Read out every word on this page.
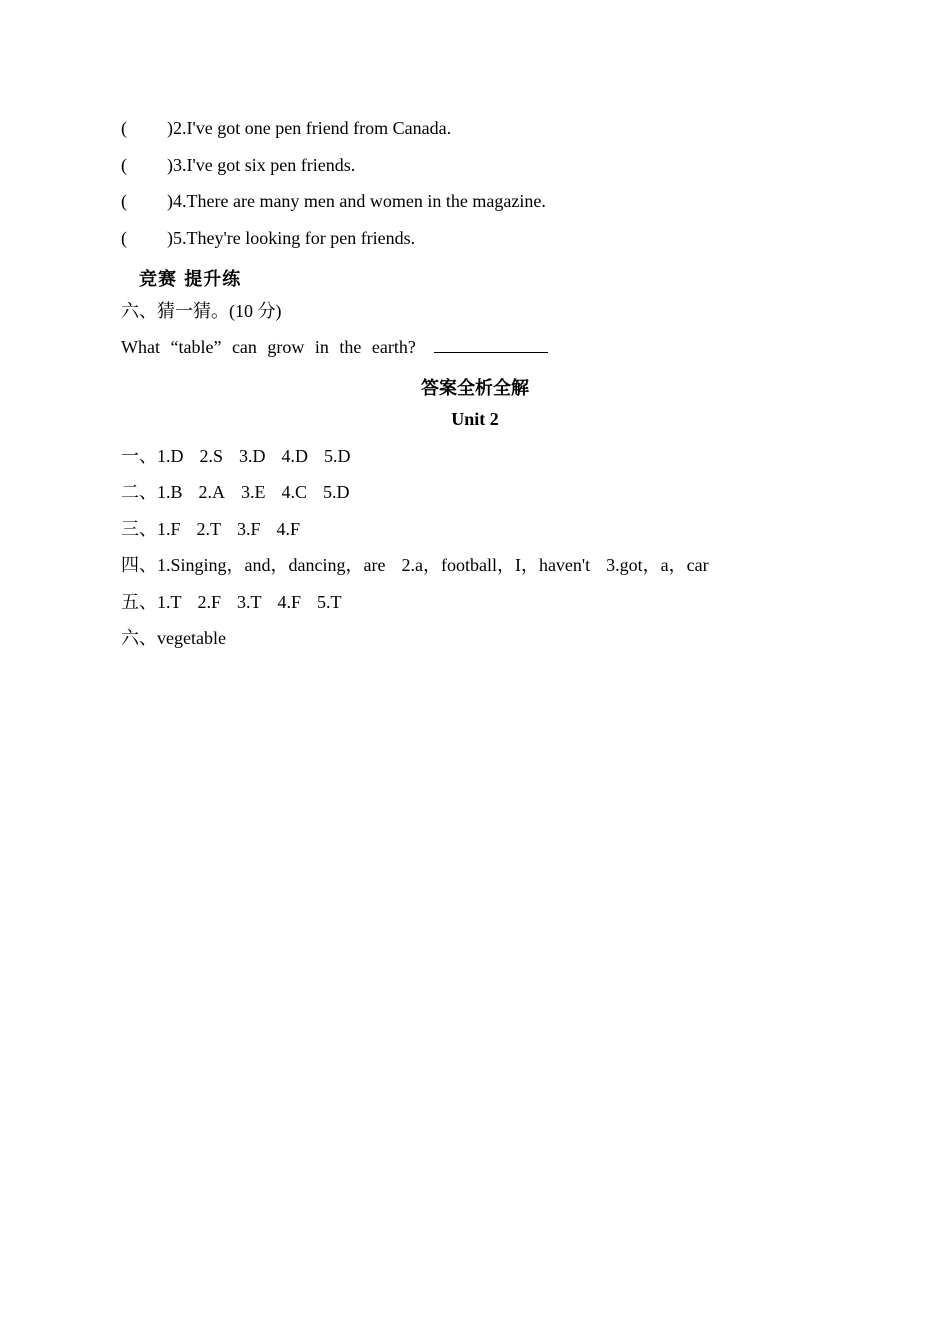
(	) 2.I've got one pen friend from Canada.
(	) 3.I've got six pen friends.
(	) 4.There are many men and women in the magazine.
(	) 5.They're looking for pen friends.
竞赛 提升练
六、猜一猜。(10 分)
What “table” can grow in the earth?
答案全析全解
Unit 2
一、1.D 2.S 3.D 4.D 5.D
二、1.B 2.A 3.E 4.C 5.D
三、1.F 2.T 3.F 4.F
四、1.Singing，and，dancing，are 2.a，football，I，haven't 3.got，a，car
五、1.T 2.F 3.T 4.F 5.T
六、vegetable
